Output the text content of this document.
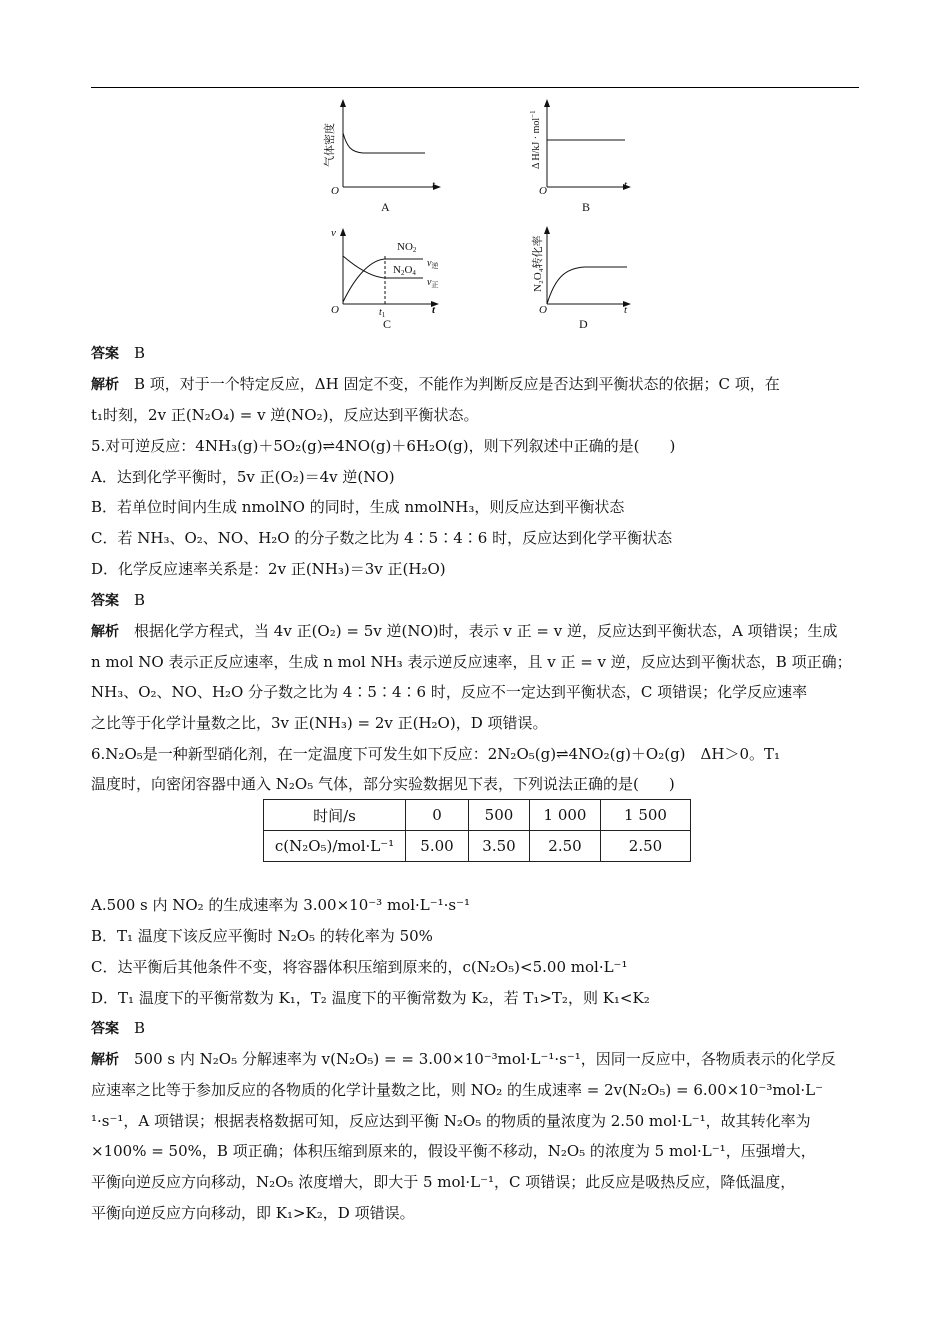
O	t
A
气体密度
O	t
B
Δ H/kJ · mol$^{-1}$
v
O	t
$t_1$
C
NO2
N2O4
$v_逆$
$v_正$
O	t
D
N₂O₄转化率
答案　 B
解析　 B 项，对于一个特定反应，ΔH 固定不变，不能作为判断反应是否达到平衡状态的依据；C 项，在
t₁时刻，2v 正(N₂O₄) = v 逆(NO₂)，反应达到平衡状态。
5.对可逆反应：4NH₃(g)＋5O₂(g)⇌4NO(g)＋6H₂O(g)，则下列叙述中正确的是(　　)
A．达到化学平衡时，5v 正(O₂)＝4v 逆(NO)
B．若单位时间内生成 nmolNO 的同时，生成 nmolNH₃，则反应达到平衡状态
C．若 NH₃、O₂、NO、H₂O 的分子数之比为 4∶5∶4∶6 时，反应达到化学平衡状态
D．化学反应速率关系是：2v 正(NH₃)＝3v 正(H₂O)
答案　 B
解析　 根据化学方程式，当 4v 正(O₂) = 5v 逆(NO)时，表示 v 正 = v 逆，反应达到平衡状态，A 项错误；生成
n mol NO 表示正反应速率，生成 n mol NH₃ 表示逆反应速率，且 v 正 = v 逆，反应达到平衡状态，B 项正确；
NH₃、O₂、NO、H₂O 分子数之比为 4∶5∶4∶6 时，反应不一定达到平衡状态，C 项错误；化学反应速率
之比等于化学计量数之比，3v 正(NH₃) = 2v 正(H₂O)，D 项错误。
6.N₂O₅是一种新型硝化剂，在一定温度下可发生如下反应：2N₂O₅(g)⇌4NO₂(g)＋O₂(g)　ΔH＞0。T₁
温度时，向密闭容器中通入 N₂O₅ 气体，部分实验数据见下表，下列说法正确的是(　　)
时间/s	0	500	1 000	1 500
c(N₂O₅)/mol·L⁻¹	5.00	3.50	2.50	2.50
A.500 s 内 NO₂ 的生成速率为 3.00×10⁻³ mol·L⁻¹·s⁻¹
B．T₁ 温度下该反应平衡时 N₂O₅ 的转化率为 50%
C．达平衡后其他条件不变，将容器体积压缩到原来的，c(N₂O₅)<5.00 mol·L⁻¹
D．T₁ 温度下的平衡常数为 K₁，T₂ 温度下的平衡常数为 K₂，若 T₁>T₂，则 K₁<K₂
答案　 B
解析　 500 s 内 N₂O₅ 分解速率为 v(N₂O₅) = = 3.00×10⁻³mol·L⁻¹·s⁻¹，因同一反应中，各物质表示的化学反
应速率之比等于参加反应的各物质的化学计量数之比，则 NO₂ 的生成速率 = 2v(N₂O₅) = 6.00×10⁻³mol·L⁻
¹·s⁻¹，A 项错误；根据表格数据可知，反应达到平衡 N₂O₅ 的物质的量浓度为 2.50 mol·L⁻¹，故其转化率为
×100% = 50%，B 项正确；体积压缩到原来的，假设平衡不移动，N₂O₅ 的浓度为 5 mol·L⁻¹，压强增大，
平衡向逆反应方向移动，N₂O₅ 浓度增大，即大于 5 mol·L⁻¹，C 项错误；此反应是吸热反应，降低温度，
平衡向逆反应方向移动，即 K₁>K₂，D 项错误。
